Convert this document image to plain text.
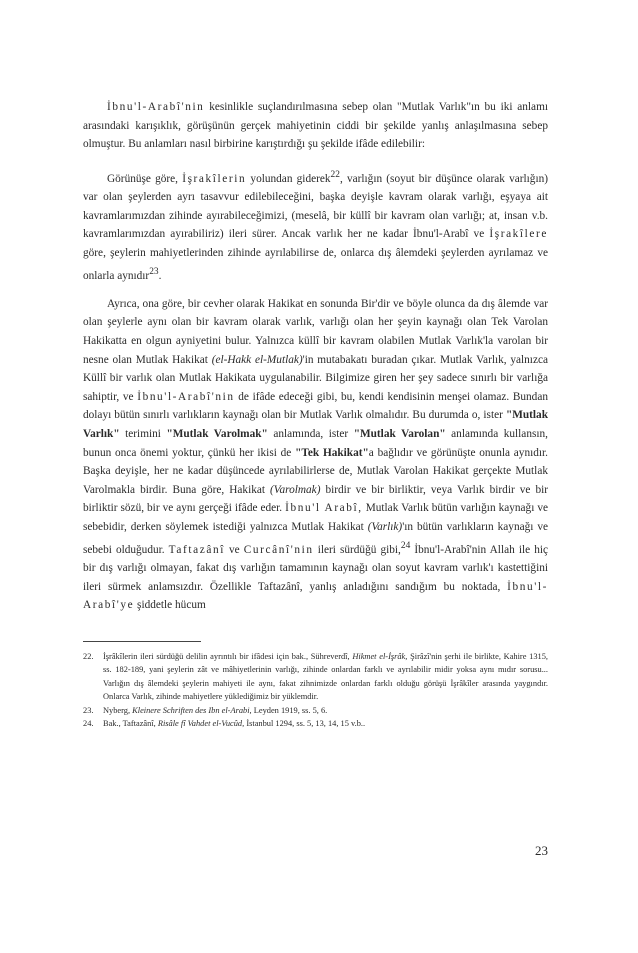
İbnu'l-Arabî'nin kesinlikle suçlandırılmasına sebep olan "Mutlak Varlık"ın bu iki anlamı arasındaki karışıklık, görüşünün gerçek mahiyetinin ciddi bir şekilde yanlış anlaşılmasına sebep olmuştur. Bu anlamları nasıl birbirine karıştırdığı şu şekilde ifâde edilebilir:

Görünüşe göre, İşrakîlerin yolundan giderek$^{22}$, varlığın (soyut bir düşünce olarak varlığın) var olan şeylerden ayrı tasavvur edilebileceğini, başka deyişle kavram olarak varlığı, eşyaya ait kavramlarımızdan zihinde ayırabileceğimizi, (meselâ, bir küllî bir kavram olan varlığı; at, insan v.b. kavramlarımızdan ayırabiliriz) ileri sürer. Ancak varlık her ne kadar İbnu'l-Arabî ve İşrakîlere göre, şeylerin mahiyetlerinden zihinde ayrılabilirse de, onlarca dış âlemdeki şeylerden ayrılamaz ve onlarla aynıdır$^{23}$.

Ayrıca, ona göre, bir cevher olarak Hakikat en sonunda Bir'dir ve böyle olunca da dış âlemde var olan şeylerle aynı olan bir kavram olarak varlık, varlığı olan her şeyin kaynağı olan Tek Varolan Hakikatta en olgun ayniyetini bulur. Yalnızca küllî bir kavram olabilen Mutlak Varlık'la varolan bir nesne olan Mutlak Hakikat (el-Hakk el-Mutlak)'in mutabakatı buradan çıkar. Mutlak Varlık, yalnızca Küllî bir varlık olan Mutlak Hakikata uygulanabilir. Bilgimize giren her şey sadece sınırlı bir varlığa sahiptir, ve İbnu'l-Arabî'nin de ifâde edeceği gibi, bu, kendi kendisinin menşei olamaz. Bundan dolayı bütün sınırlı varlıkların kaynağı olan bir Mutlak Varlık olmalıdır. Bu durumda o, ister "Mutlak Varlık" terimini "Mutlak Varolmak" anlamında, ister "Mutlak Varolan" anlamında kullansın, bunun onca önemi yoktur, çünkü her ikisi de "Tek Hakikat"a bağlıdır ve görünüşte onunla aynıdır. Başka deyişle, her ne kadar düşüncede ayrılabilirlerse de, Mutlak Varolan Hakikat gerçekte Mutlak Varolmakla birdir. Buna göre, Hakikat (Varolmak) birdir ve bir birliktir, veya Varlık birdir ve bir birliktir sözü, bir ve aynı gerçeği ifâde eder. İbnu'l Arabî, Mutlak Varlık bütün varlığın kaynağı ve sebebidir, derken söylemek istediği yalnızca Mutlak Hakikat (Varlık)'ın bütün varlıkların kaynağı ve sebebi olduğudur. Taftazânî ve Curcânî'nin ileri sürdüğü gibi,$^{24}$ İbnu'l-Arabî'nin Allah ile hiç bir dış varlığı olmayan, fakat dış varlığın tamamının kaynağı olan soyut kavram varlık'ı kastettiğini ileri sürmek anlamsızdır. Özellikle Taftazânî, yanlış anladığını sandığım bu noktada, İbnu'l-Arabî'ye şiddetle hücum

22. İşrâkîlerin ileri sürdüğü delilin ayrıntılı bir ifâdesi için bak., Sühreverdî, Hikmet el-İşrâk, Şirâzî'nin şerhi ile birlikte, Kahire 1315, ss. 182-189, yani şeylerin zât ve mâhiyetlerinin varlığı, zihinde onlardan farklı ve ayrılabilir midir yoksa aynı mıdır sorusu... Varlığın dış âlemdeki şeylerin mahiyeti ile aynı, fakat zihnimizde onlardan farklı olduğu görüşü İşrâkîler arasında yaygındır. Onlarca Varlık, zihinde mahiyetlere yüklediğimiz bir yüklemdir.

23. Nyberg, Kleinere Schriften des Ibn el-Arabi, Leyden 1919, ss. 5, 6.

24. Bak., Taftazânî, Risâle fî Vahdet el-Vucûd, İstanbul 1294, ss. 5, 13, 14, 15 v.b..

23
